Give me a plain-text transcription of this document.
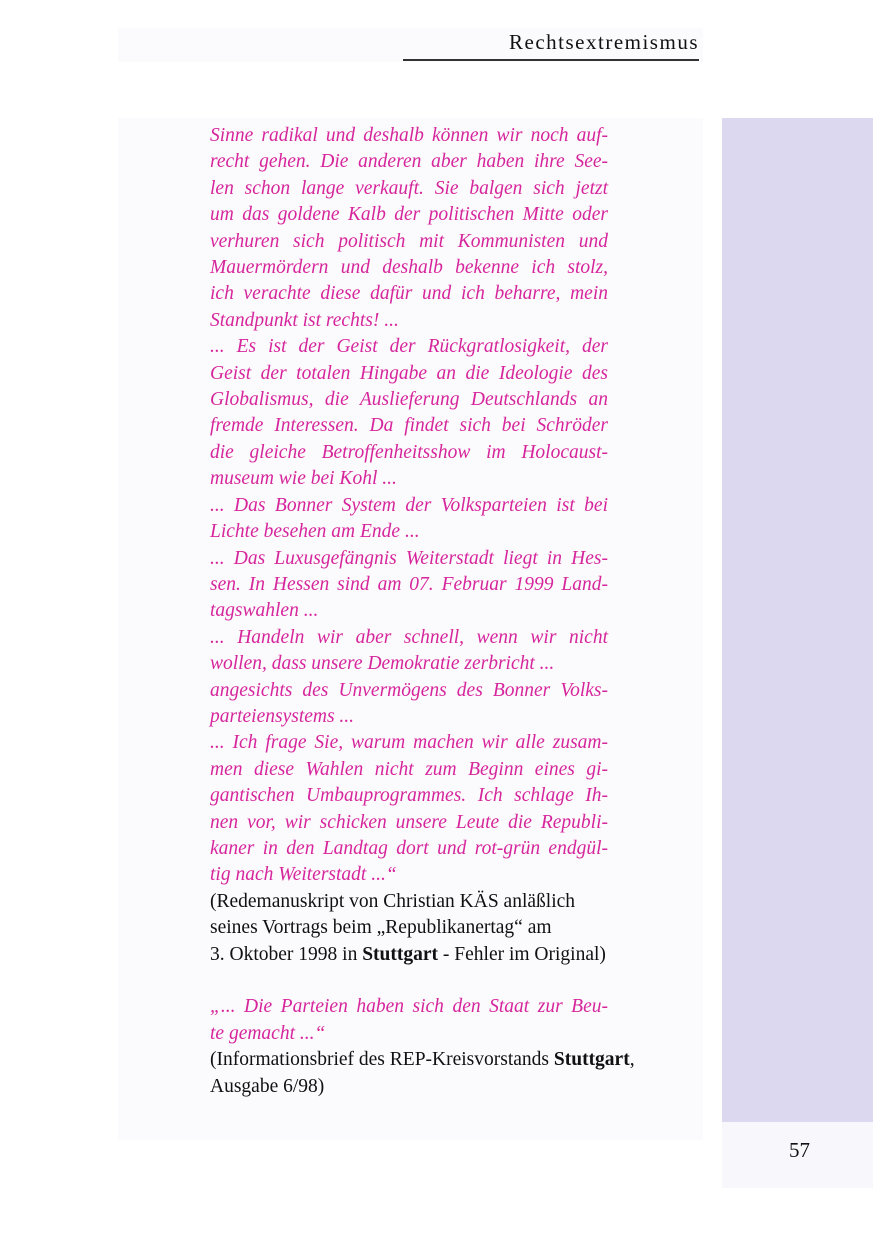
Rechtsextremismus
57
Sinne radikal und deshalb können wir noch auf-
recht gehen. Die anderen aber haben ihre See-
len schon lange verkauft. Sie balgen sich jetzt
um das goldene Kalb der politischen Mitte oder
verhuren sich politisch mit Kommunisten und
Mauermördern und deshalb bekenne ich stolz,
ich verachte diese dafür und ich beharre, mein
Standpunkt ist rechts! ...
... Es ist der Geist der Rückgratlosigkeit, der
Geist der totalen Hingabe an die Ideologie des
Globalismus, die Auslieferung Deutschlands an
fremde Interessen. Da findet sich bei Schröder
die gleiche Betroffenheitsshow im Holocaust-
museum wie bei Kohl ...
... Das Bonner System der Volksparteien ist bei
Lichte besehen am Ende ...
... Das Luxusgefängnis Weiterstadt liegt in Hes-
sen. In Hessen sind am 07. Februar 1999 Land-
tagswahlen ...
... Handeln wir aber schnell, wenn wir nicht
wollen, dass unsere Demokratie zerbricht ...
angesichts des Unvermögens des Bonner Volks-
parteiensystems ...
... Ich frage Sie, warum machen wir alle zusam-
men diese Wahlen nicht zum Beginn eines gi-
gantischen Umbauprogrammes. Ich schlage Ih-
nen vor, wir schicken unsere Leute die Republi-
kaner in den Landtag dort und rot-grün endgül-
tig nach Weiterstadt ...“
(Redemanuskript von Christian KÄS anläßlich
seines Vortrags beim „Republikanertag“ am
3. Oktober 1998 in Stuttgart - Fehler im Original)
„... Die Parteien haben sich den Staat zur Beu-
te gemacht ...“
(Informationsbrief des REP-Kreisvorstands Stuttgart,
Ausgabe 6/98)
